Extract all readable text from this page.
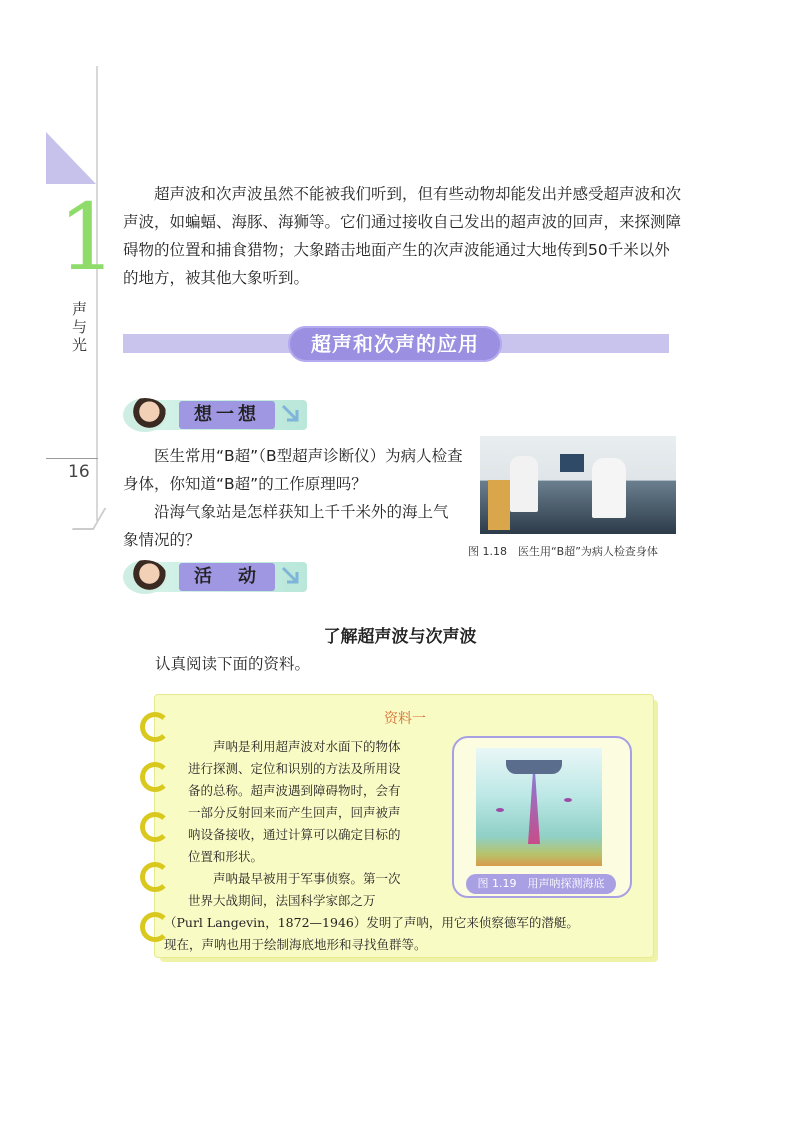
1
声与光
16

超声波和次声波虽然不能被我们听到，但有些动物却能发出并感受超声波和次声波，如蝙蝠、海豚、海狮等。它们通过接收自己发出的超声波的回声，来探测障碍物的位置和捕食猎物；大象踏击地面产生的次声波能通过大地传到50千米以外的地方，被其他大象听到。

超声和次声的应用
想一想

医生常用“B超”（B型超声诊断仪）为病人检查身体，你知道“B超”的工作原理吗？

沿海气象站是怎样获知上千千米外的海上气象情况的？

图 1.18　医生用“B超”为病人检查身体
活　动
了解超声波与次声波
认真阅读下面的资料。
资料一

声呐是利用超声波对水面下的物体

进行探测、定位和识别的方法及所用设

备的总称。超声波遇到障碍物时，会有

一部分反射回来而产生回声，回声被声

呐设备接收，通过计算可以确定目标的

位置和形状。

声呐最早被用于军事侦察。第一次

世界大战期间，法国科学家郎之万

（Purl Langevin，1872—1946）发明了声呐，用它来侦察德军的潜艇。

现在，声呐也用于绘制海底地形和寻找鱼群等。

图 1.19　用声呐探测海底
